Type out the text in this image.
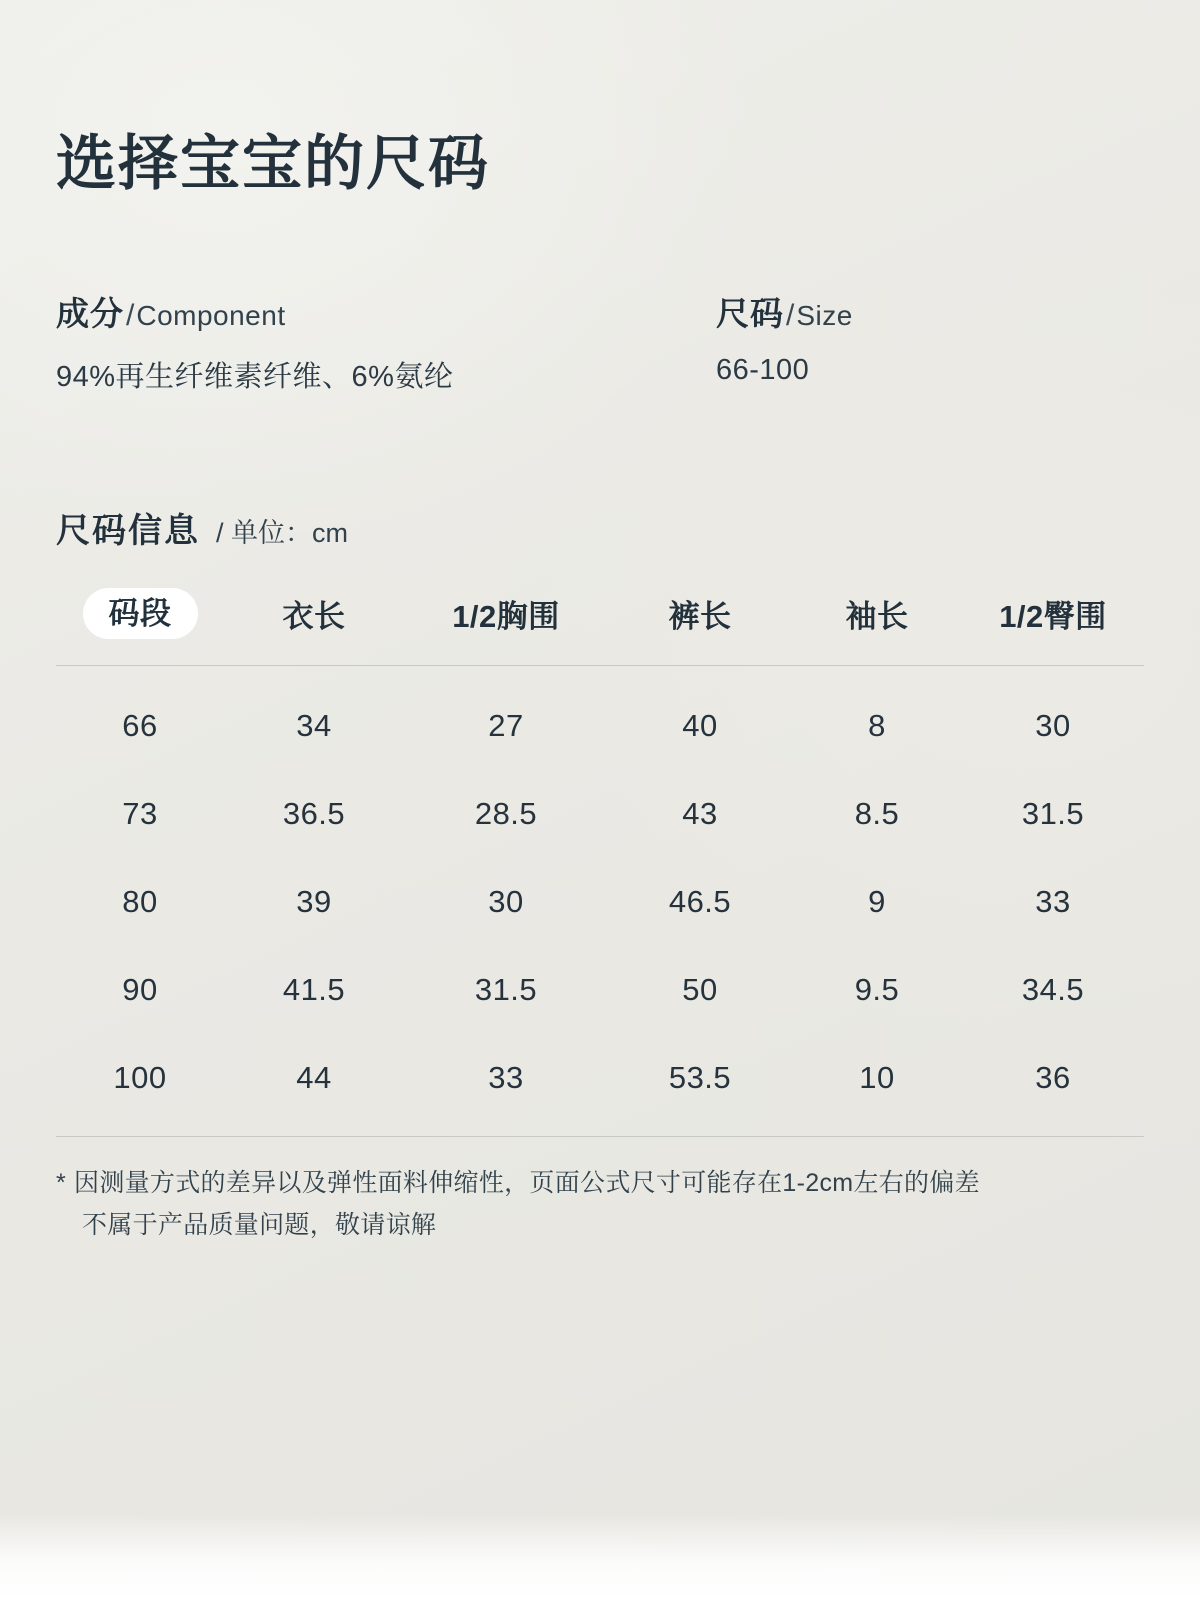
选择宝宝的尺码
成分 / Component
94%再生纤维素纤维、6%氨纶
尺码 / Size
66-100
尺码信息 / 单位：cm
码段	衣长	1/2胸围	裤长	袖长	1/2臀围
66	34	27	40	8	30
73	36.5	28.5	43	8.5	31.5
80	39	30	46.5	9	33
90	41.5	31.5	50	9.5	34.5
100	44	33	53.5	10	36
* 因测量方式的差异以及弹性面料伸缩性，页面公式尺寸可能存在1-2cm左右的偏差
不属于产品质量问题，敬请谅解
